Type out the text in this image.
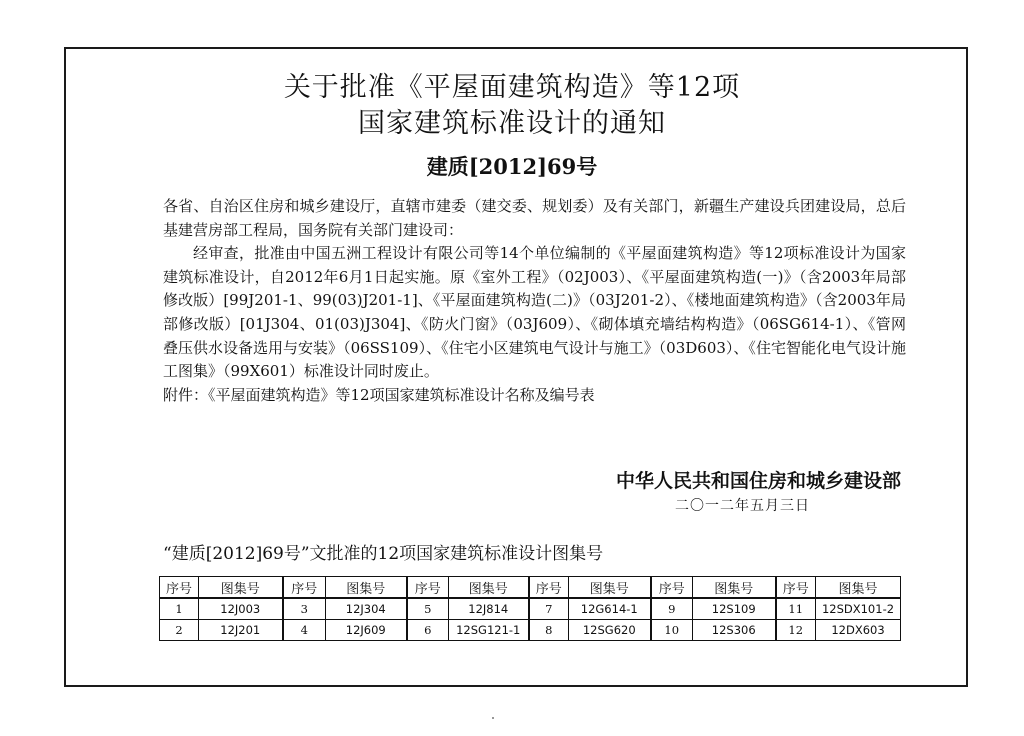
关于批准《平屋面建筑构造》等12项
国家建筑标准设计的通知
建质[2012]69号

各省、自治区住房和城乡建设厅，直辖市建委（建交委、规划委）及有关部门，新疆生产建设兵团建设局，总后基建营房部工程局，国务院有关部门建设司：

经审查，批准由中国五洲工程设计有限公司等14个单位编制的《平屋面建筑构造》等12项标准设计为国家建筑标准设计，自2012年6月1日起实施。原《室外工程》（02J003）、《平屋面建筑构造(一)》（含2003年局部修改版）[99J201-1、99(03)J201-1]、《平屋面建筑构造(二)》（03J201-2）、《楼地面建筑构造》（含2003年局部修改版）[01J304、01(03)J304]、《防火门窗》（03J609）、《砌体填充墙结构构造》（06SG614-1）、《管网叠压供水设备选用与安装》（06SS109）、《住宅小区建筑电气设计与施工》（03D603）、《住宅智能化电气设计施工图集》（99X601）标准设计同时废止。

附件：《平屋面建筑构造》等12项国家建筑标准设计名称及编号表

中华人民共和国住房和城乡建设部
二〇一二年五月三日
“建质[2012]69号”文批准的12项国家建筑标准设计图集号
序号	图集号	序号	图集号	序号	图集号	序号	图集号	序号	图集号	序号	图集号
1	12J003	3	12J304	5	12J814	7	12G614-1	9	12S109	11	12SDX101-2
2	12J201	4	12J609	6	12SG121-1	8	12SG620	10	12S306	12	12DX603
